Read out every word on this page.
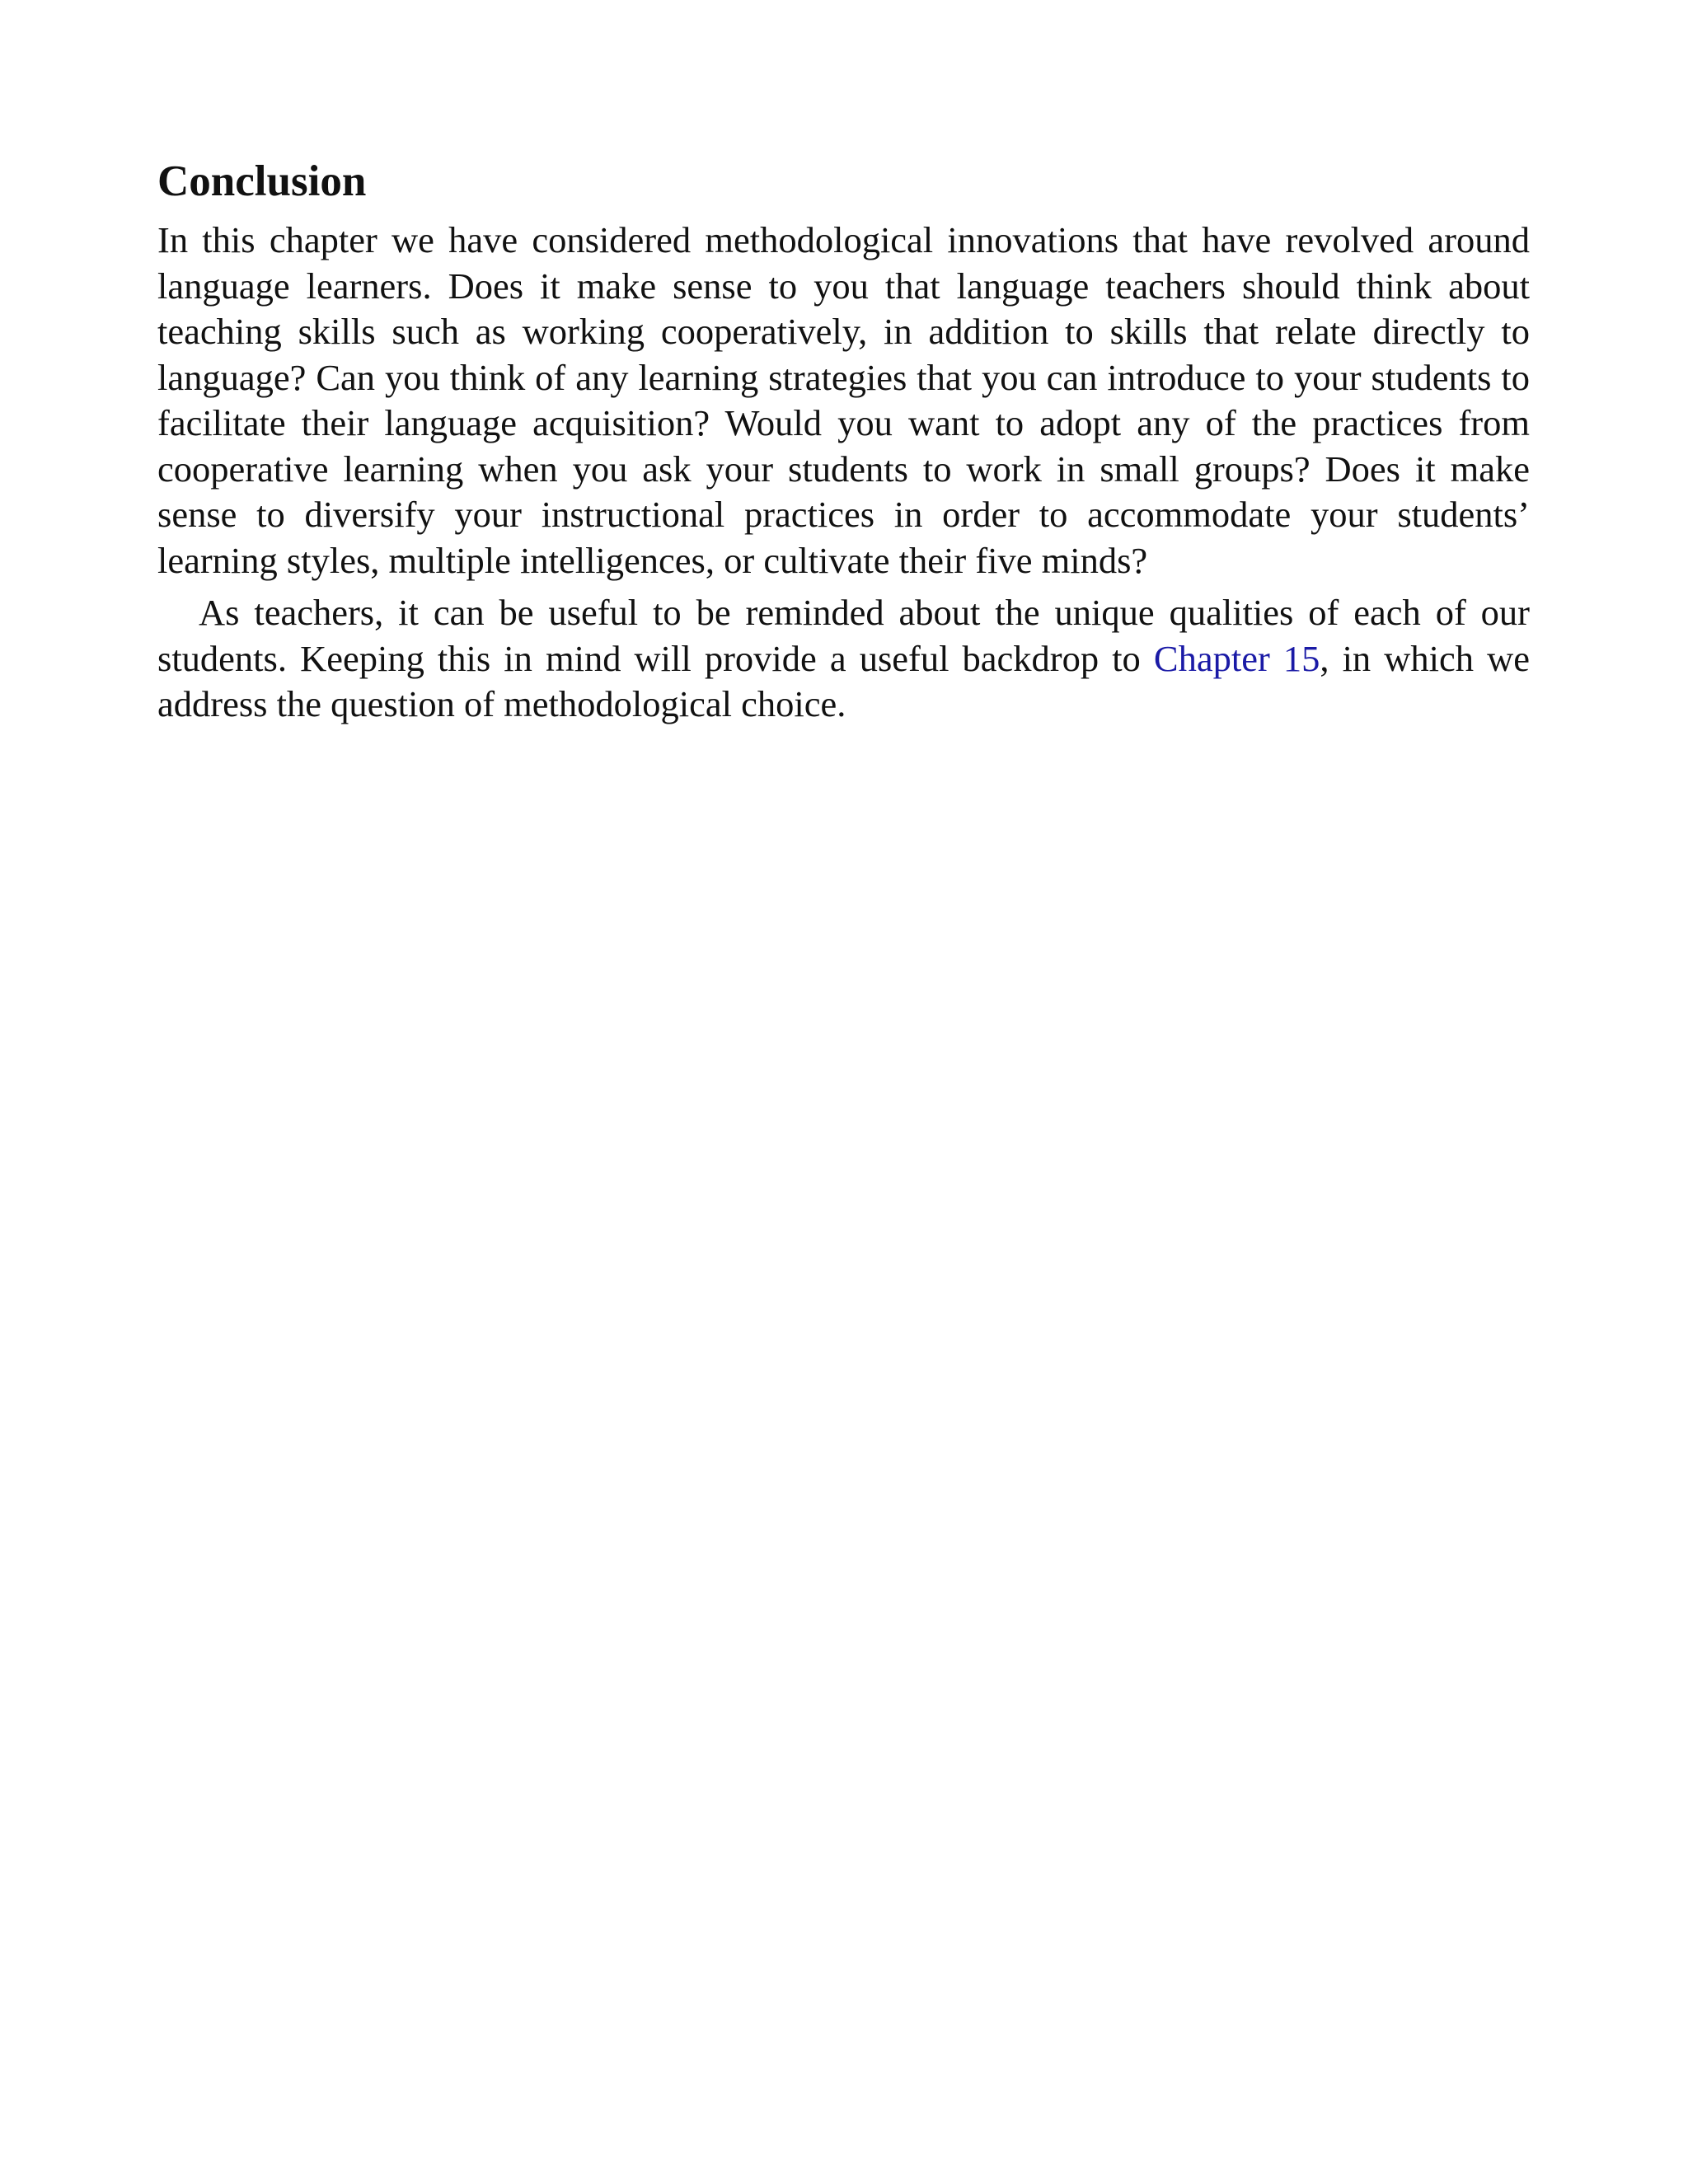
Conclusion

In this chapter we have considered methodological innovations that have revolved around language learners. Does it make sense to you that language teachers should think about teaching skills such as working cooperatively, in addition to skills that relate directly to language? Can you think of any learning strategies that you can introduce to your students to facilitate their language acquisition? Would you want to adopt any of the practices from cooperative learning when you ask your students to work in small groups? Does it make sense to diversify your instructional practices in order to accommodate your students’ learning styles, multiple intelligences, or cultivate their five minds?

As teachers, it can be useful to be reminded about the unique qualities of each of our students. Keeping this in mind will provide a useful backdrop to Chapter 15, in which we address the question of methodological choice.
